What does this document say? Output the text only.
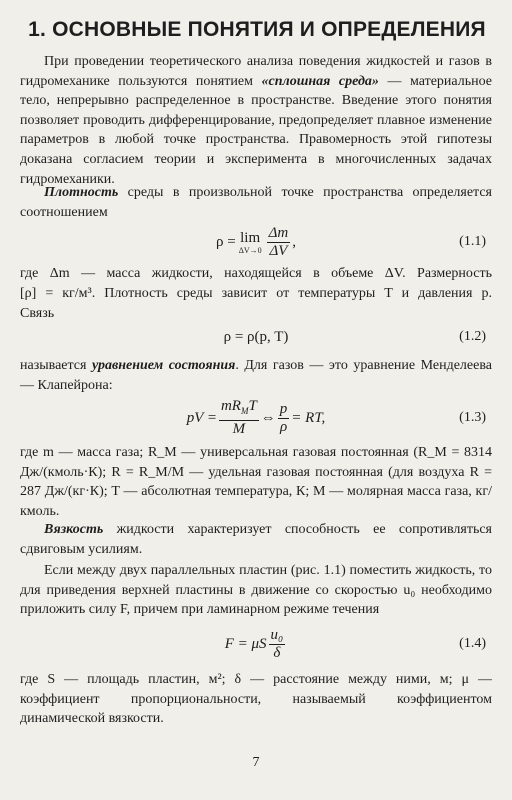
1. ОСНОВНЫЕ ПОНЯТИЯ И ОПРЕДЕЛЕНИЯ
При проведении теоретического анализа поведения жидкостей и газов в гидромеханике пользуются понятием «сплошная среда» — материальное тело, непрерывно распределенное в пространстве. Введение этого понятия позволяет проводить дифференцирование, предопределяет плавное изменение параметров в любой точке пространства. Правомерность этой гипотезы доказана согласием теории и эксперимента в многочисленных задачах гидромеханики.
Плотность среды в произвольной точке пространства определяется соотношением
ρ = lim
$\Delta V\to 0 \frac{\Delta m}{\Delta V}$ ,	(1.1)
где Δm — масса жидкости, находящейся в объеме ΔV. Размерность
[ρ] = кг/м³. Плотность среды зависит от температуры T и давления p.
Связь
ρ = ρ(p, T)	(1.2)
называется уравнением состояния. Для газов — это уравнение Менделеева — Клапейрона:
pV = $\frac{mR_MT}{M}$ ⇔ $\frac{p}{\rho}$ = RT,	(1.3)
где m — масса газа; R_M — универсальная газовая постоянная (R_M = 8314 Дж/(кмоль·К); R = R_M/M — удельная газовая постоянная (для воздуха R = 287 Дж/(кг·К); T — абсолютная температура, К; M — молярная масса газа, кг/кмоль.
Вязкость жидкости характеризует способность ее сопротивляться сдвиговым усилиям.
Если между двух параллельных пластин (рис. 1.1) поместить жидкость, то для приведения верхней пластины в движение со скоростью u₀ необходимо приложить силу F, причем при ламинарном режиме течения
F = μS $\frac{\text{u₀}}{\delta}$	(1.4)
где S — площадь пластин, м²; δ — расстояние между ними, м; μ — коэффициент пропорциональности, называемый коэффициентом динамической вязкости.
7
